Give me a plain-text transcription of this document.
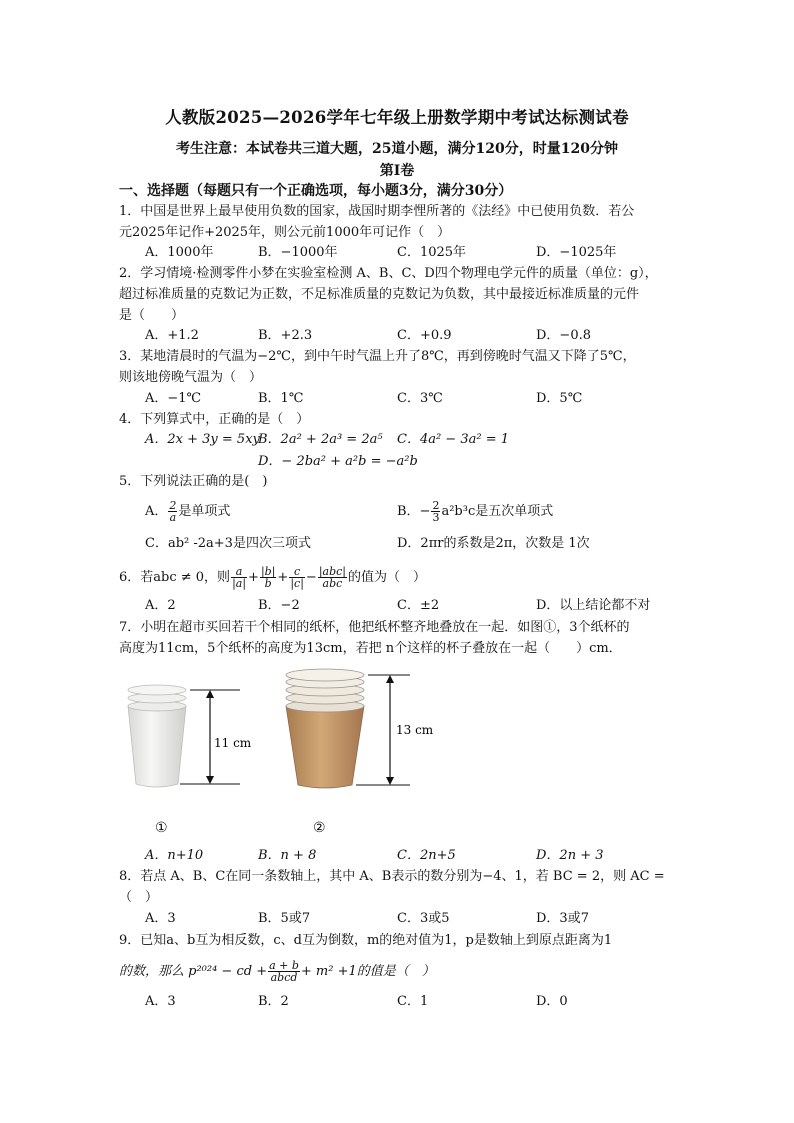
人教版2025—2026学年七年级上册数学期中考试达标测试卷
考生注意：本试卷共三道大题，25道小题，满分120分，时量120分钟
第Ⅰ卷
一、选择题（每题只有一个正确选项，每小题3分，满分30分）
1．中国是世界上最早使用负数的国家，战国时期李悝所著的《法经》中已使用负数．若公
元2025年记作+2025年，则公元前1000年可记作（　）
A．1000年	B．−1000年	C．1025年	D．−1025年
2．学习情境·检测零件小梦在实验室检测 A、B、C、D四个物理电学元件的质量（单位：g），
超过标准质量的克数记为正数，不足标准质量的克数记为负数，其中最接近标准质量的元件
是（　　）
A．+1.2	B．+2.3	C．+0.9	D．−0.8
3．某地清晨时的气温为−2℃，到中午时气温上升了8℃，再到傍晚时气温又下降了5℃，
则该地傍晚气温为（　）
A．−1℃	B．1℃	C．3℃	D．5℃
4．下列算式中，正确的是（　）
A．2x + 3y = 5xy
B．2a² + 2a³ = 2a⁵ C．4a² − 3a² = 1
D．− 2ba² + a²b = −a²b
5．下列说法正确的是(　)
A． $\frac{2}{a}$ 是单项式	B．− $\frac{2}{3} a^2b^3c$是五次单项式
C．ab² -2a+3是四次三项式	D．2πr的系数是2π，次数是 1次
6．若abc ≠ 0，则 $\frac{a}{|a|} + \frac{|b|}{b} + \frac{c}{|c|} - \frac{\text{|abc|}}{\text{abc}}$ 的值为（　）
A．2	B．−2	C．±2	D．以上结论都不对
7．小明在超市买回若干个相同的纸杯，他把纸杯整齐地叠放在一起．如图①，3个纸杯的
高度为11cm，5个纸杯的高度为13cm，若把 n个这样的杯子叠放在一起（　　）cm．
11 cm
13 cm
①	②
A．n+10	B．n + 8	C．2n+5	D．2n + 3
8．若点 A、B、C在同一条数轴上，其中 A、B表示的数分别为−4、1，若 BC = 2，则 AC =
（　）
A．3	B．5或7	C．3或5	D．3或7
9．已知a、b互为相反数，c、d互为倒数，m的绝对值为1，p是数轴上到原点距离为1
的数，那么 p²⁰²⁴ − cd + $\frac{a + b}{\text{abcd}} + m^2 +1$的值是（　）
A．3	B．2	C．1	D．0
